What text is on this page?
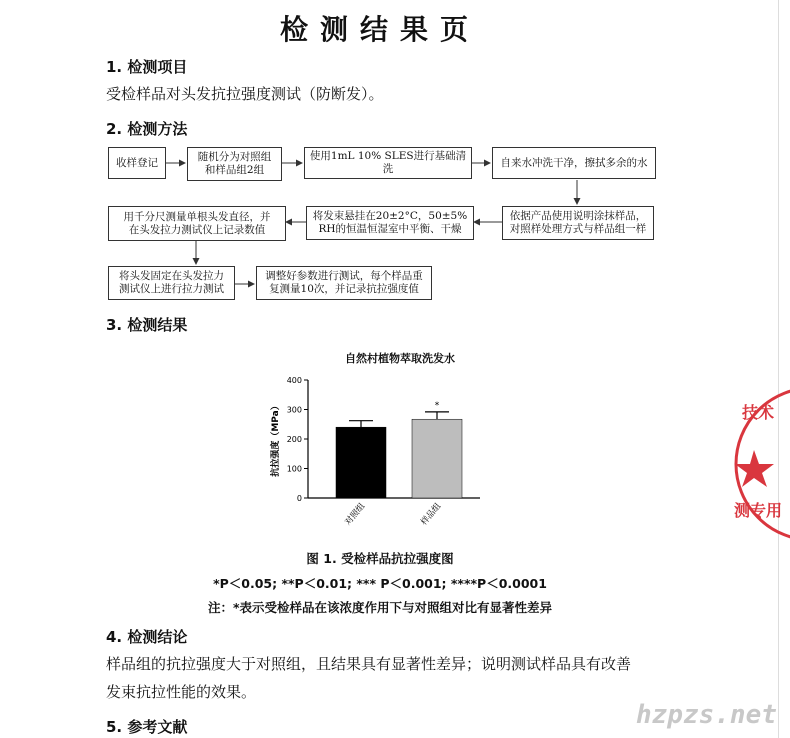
检测结果页
1. 检测项目
受检样品对头发抗拉强度测试（防断发）。
2. 检测方法
收样登记	随机分为对照组
和样品组2组
使用1mL 10% SLES进行基础清洗
自来水冲洗干净，擦拭多余的水
依据产品使用说明涂抹样品，
对照样处理方式与样品组一样
将发束悬挂在20±2°C，50±5%
RH的恒温恒湿室中平衡、干燥
用千分尺测量单根头发直径，并
在头发拉力测试仪上记录数值
将头发固定在头发拉力
测试仪上进行拉力测试
调整好参数进行测试，每个样品重
复测量10次，并记录抗拉强度值
3. 检测结果
自然村植物萃取洗发水
0
100
200
300
400
抗拉强度（MPa）
对照组
*
样品组
图 1. 受检样品抗拉强度图
*P＜0.05; **P＜0.01; *** P＜0.001; ****P＜0.0001
注：*表示受检样品在该浓度作用下与对照组对比有显著性差异
4. 检测结论
样品组的抗拉强度大于对照组，且结果具有显著性差异；说明测试样品具有改善
发束抗拉性能的效果。
5. 参考文献
技术
测专用
hzpzs.net
